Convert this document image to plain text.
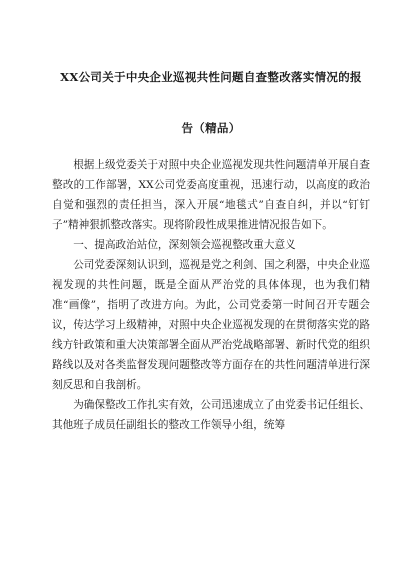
XX公司关于中央企业巡视共性问题自查整改落实情况的报
告（精品）

根据上级党委关于对照中央企业巡视发现共性问题清单开展自查整改的工作部署，XX公司党委高度重视，迅速行动，以高度的政治自觉和强烈的责任担当，深入开展“地毯式”自查自纠，并以“钉钉子”精神狠抓整改落实。现将阶段性成果推进情况报告如下。

一、提高政治站位，深刻领会巡视整改重大意义

公司党委深刻认识到，巡视是党之利剑、国之利器，中央企业巡视发现的共性问题，既是全面从严治党的具体体现，也为我们精准“画像”，指明了改进方向。为此，公司党委第一时间召开专题会议，传达学习上级精神，对照中央企业巡视发现的在贯彻落实党的路线方针政策和重大决策部署全面从严治党战略部署、新时代党的组织路线以及对各类监督发现问题整改等方面存在的共性问题清单进行深刻反思和自我剖析。

为确保整改工作扎实有效，公司迅速成立了由党委书记任组长、其他班子成员任副组长的整改工作领导小组，统筹
